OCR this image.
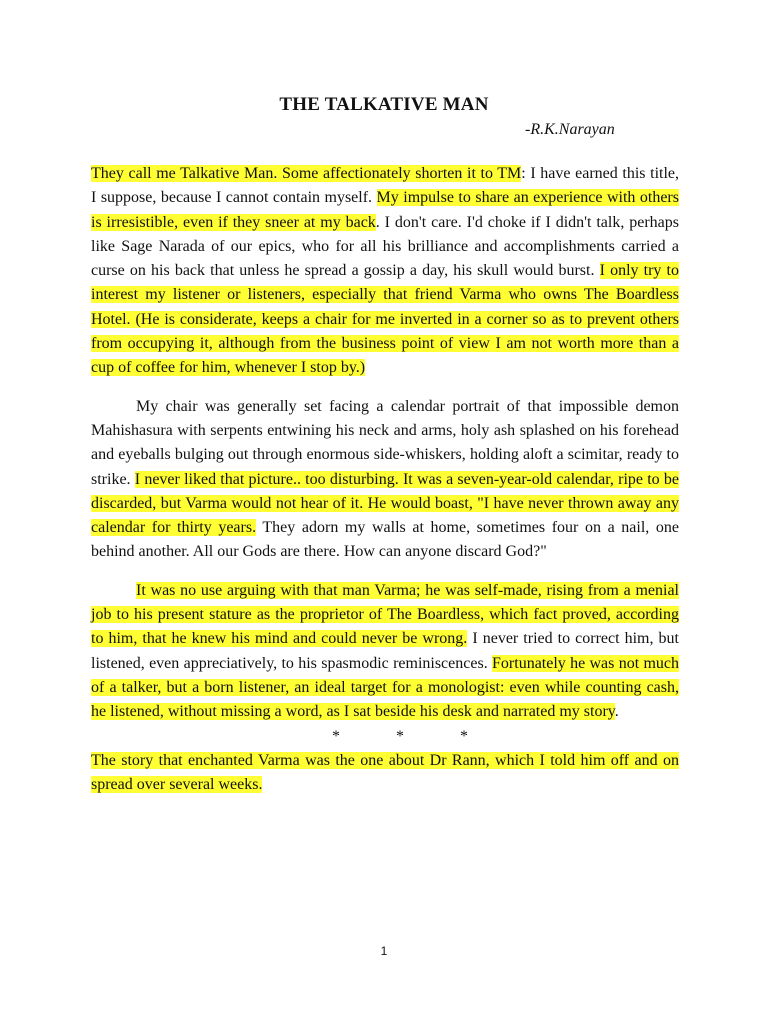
THE TALKATIVE MAN
-R.K.Narayan

They call me Talkative Man. Some affectionately shorten it to TM: I have earned this title, I suppose, because I cannot contain myself. My impulse to share an experience with others is irresistible, even if they sneer at my back. I don't care. I'd choke if I didn't talk, perhaps like Sage Narada of our epics, who for all his brilliance and accomplishments carried a curse on his back that unless he spread a gossip a day, his skull would burst. I only try to interest my listener or listeners, especially that friend Varma who owns The Boardless Hotel. (He is considerate, keeps a chair for me inverted in a corner so as to prevent others from occupying it, although from the business point of view I am not worth more than a cup of coffee for him, whenever I stop by.)

My chair was generally set facing a calendar portrait of that impossible demon Mahishasura with serpents entwining his neck and arms, holy ash splashed on his forehead and eyeballs bulging out through enormous side-whiskers, holding aloft a scimitar, ready to strike. I never liked that picture.. too disturbing. It was a seven-year-old calendar, ripe to be discarded, but Varma would not hear of it. He would boast, "I have never thrown away any calendar for thirty years. They adorn my walls at home, sometimes four on a nail, one behind another. All our Gods are there. How can anyone discard God?"

It was no use arguing with that man Varma; he was self-made, rising from a menial job to his present stature as the proprietor of The Boardless, which fact proved, according to him, that he knew his mind and could never be wrong. I never tried to correct him, but listened, even appreciatively, to his spasmodic reminiscences. Fortunately he was not much of a talker, but a born listener, an ideal target for a monologist: even while counting cash, he listened, without missing a word, as I sat beside his desk and narrated my story.

* * *

The story that enchanted Varma was the one about Dr Rann, which I told him off and on spread over several weeks.

1
